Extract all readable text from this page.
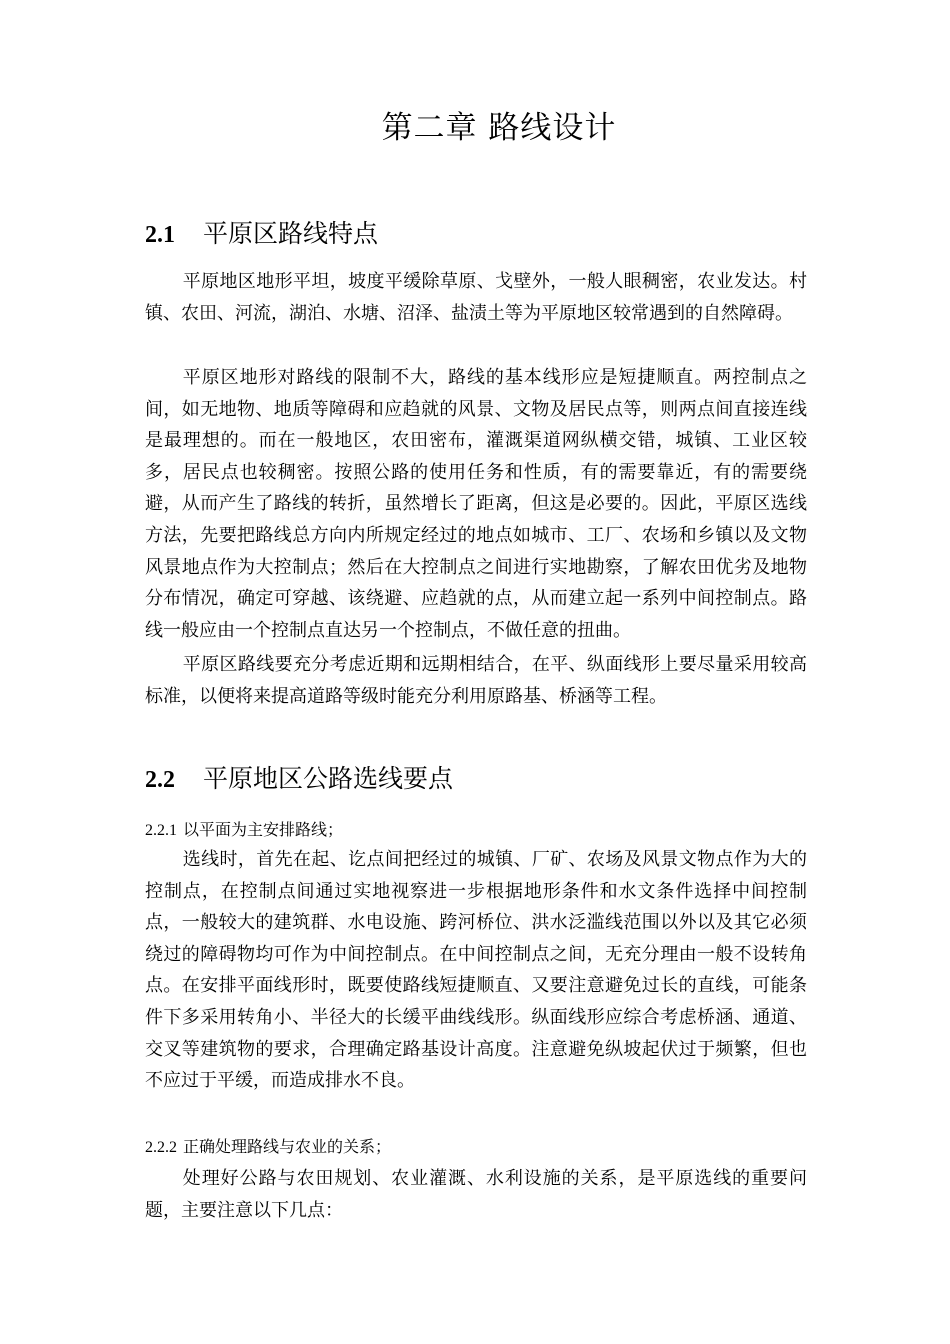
第二章 路线设计
2.1 平原区路线特点

平原地区地形平坦，坡度平缓除草原、戈壁外，一般人眼稠密，农业发达。村镇、农田、河流，湖泊、水塘、沼泽、盐渍土等为平原地区较常遇到的自然障碍。

平原区地形对路线的限制不大，路线的基本线形应是短捷顺直。两控制点之间，如无地物、地质等障碍和应趋就的风景、文物及居民点等，则两点间直接连线是最理想的。而在一般地区，农田密布，灌溉渠道网纵横交错，城镇、工业区较多，居民点也较稠密。按照公路的使用任务和性质，有的需要靠近，有的需要绕避，从而产生了路线的转折，虽然增长了距离，但这是必要的。因此，平原区选线方法，先要把路线总方向内所规定经过的地点如城市、工厂、农场和乡镇以及文物风景地点作为大控制点；然后在大控制点之间进行实地勘察，了解农田优劣及地物分布情况，确定可穿越、该绕避、应趋就的点，从而建立起一系列中间控制点。路线一般应由一个控制点直达另一个控制点，不做任意的扭曲。

平原区路线要充分考虑近期和远期相结合，在平、纵面线形上要尽量采用较高标准，以便将来提高道路等级时能充分利用原路基、桥涵等工程。

2.2 平原地区公路选线要点
2.2.1 以平面为主安排路线；

选线时，首先在起、讫点间把经过的城镇、厂矿、农场及风景文物点作为大的控制点，在控制点间通过实地视察进一步根据地形条件和水文条件选择中间控制点，一般较大的建筑群、水电设施、跨河桥位、洪水泛滥线范围以外以及其它必须绕过的障碍物均可作为中间控制点。在中间控制点之间，无充分理由一般不设转角点。在安排平面线形时，既要使路线短捷顺直、又要注意避免过长的直线，可能条件下多采用转角小、半径大的长缓平曲线线形。纵面线形应综合考虑桥涵、通道、交叉等建筑物的要求，合理确定路基设计高度。注意避免纵坡起伏过于频繁，但也不应过于平缓，而造成排水不良。

2.2.2 正确处理路线与农业的关系；

处理好公路与农田规划、农业灌溉、水利设施的关系，是平原选线的重要问题，主要注意以下几点：
